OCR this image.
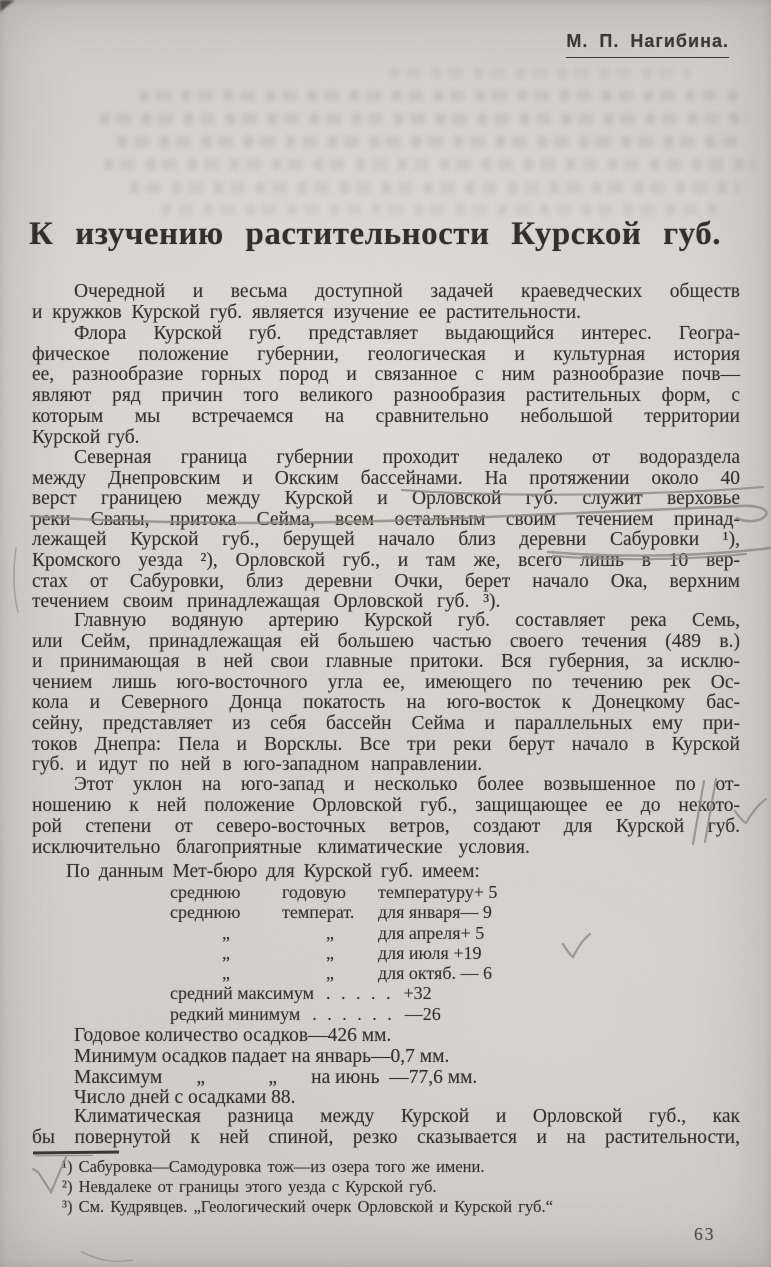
М. П. Нагибина.
К изучению растительности Курской губ.
Очередной и весьма доступной задачей краеведческих обществ
и кружков Курской губ. является изучение ее растительности.
Флора Курской губ. представляет выдающийся интерес. Геогра-
фическое положение губернии, геологическая и культурная история
ее, разнообразие горных пород и связанное с ним разнообразие почв—
являют ряд причин того великого разнообразия растительных форм, с
которым мы встречаемся на сравнительно небольшой территории
Курской губ.
Северная граница губернии проходит недалеко от водораздела
между Днепровским и Окским бассейнами. На протяжении около 40
верст границею между Курской и Орловской губ. служит верховье
реки Свапы, притока Сейма, всем остальным своим течением принад-
лежащей Курской губ., берущей начало близ деревни Сабуровки ¹),
Кромского уезда ²), Орловской губ., и там же, всего лишь в 10 вер-
стах от Сабуровки, близ деревни Очки, берет начало Ока, верхним
течением своим принадлежащая Орловской губ. ³).
Главную водяную артерию Курской губ. составляет река Семь,
или Сейм, принадлежащая ей большею частью своего течения (489 в.)
и принимающая в ней свои главные притоки. Вся губерния, за исклю-
чением лишь юго-восточного угла ее, имеющего по течению рек Ос-
кола и Северного Донца покатость на юго-восток к Донецкому бас-
сейну, представляет из себя бассейн Сейма и параллельных ему при-
токов Днепра: Пела и Ворсклы. Все три реки берут начало в Курской
губ. и идут по ней в юго-западном направлении.
Этот уклон на юго-запад и несколько более возвышенное по от-
ношению к ней положение Орловской губ., защищающее ее до некото-
рой степени от северо-восточных ветров, создают для Курской губ.
исключительно благоприятные климатические условия.
По данным Мет-бюро для Курской губ. имеем:
среднюю годовую температуру+ 5
среднюю температ. для января— 9
„	„ для апреля+ 5
„	„ для июля +19
„	„ для октяб. — 6
средний максимум . . . . . +32
редкий минимум . . . . . . —26
Годовое количество осадков—426 мм.
Минимум осадков падает на январь—0,7 мм.
Максимум       „             „       на июнь  —77,6 мм.
Число дней с осадками 88.
Климатическая разница между Курской и Орловской губ., как
бы повернутой к ней спиной, резко сказывается и на растительности,
¹) Сабуровка—Самодуровка тож—из озера того же имени.
²) Невдалеке от границы этого уезда с Курской губ.
³) См. Кудрявцев. „Геологический очерк Орловской и Курской губ.“
63
